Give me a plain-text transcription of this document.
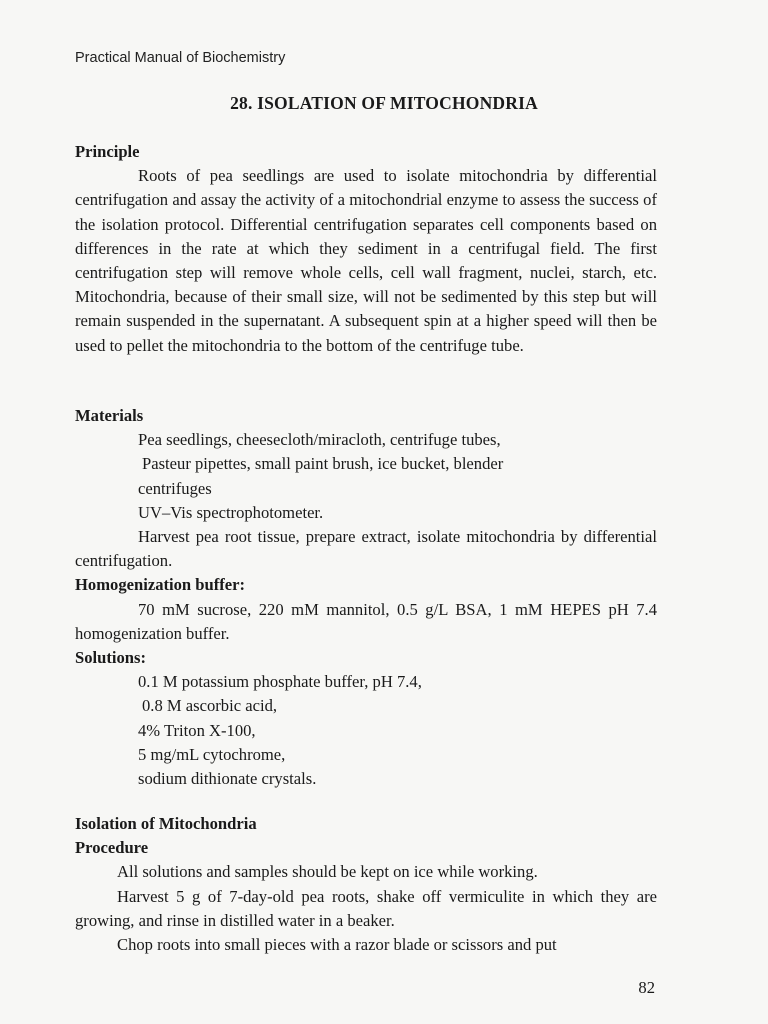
Practical Manual of Biochemistry
28. ISOLATION OF MITOCHONDRIA
Principle
Roots of pea seedlings are used to isolate mitochondria by differential centrifugation and assay the activity of a mitochondrial enzyme to assess the success of the isolation protocol. Differential centrifugation separates cell components based on differences in the rate at which they sediment in a centrifugal field. The first centrifugation step will remove whole cells, cell wall fragment, nuclei, starch, etc. Mitochondria, because of their small size, will not be sedimented by this step but will remain suspended in the supernatant. A subsequent spin at a higher speed will then be used to pellet the mitochondria to the bottom of the centrifuge tube.
Materials
Pea seedlings, cheesecloth/miracloth, centrifuge tubes,
Pasteur pipettes, small paint brush, ice bucket, blender
centrifuges
UV–Vis spectrophotometer.
Harvest pea root tissue, prepare extract, isolate mitochondria by differential centrifugation.
Homogenization buffer:
70 mM sucrose, 220 mM mannitol, 0.5 g/L BSA, 1 mM HEPES pH 7.4 homogenization buffer.
Solutions:
0.1 M potassium phosphate buffer, pH 7.4,
0.8 M ascorbic acid,
4% Triton X-100,
5 mg/mL cytochrome,
sodium dithionate crystals.
Isolation of Mitochondria
Procedure
All solutions and samples should be kept on ice while working.
Harvest 5 g of 7-day-old pea roots, shake off vermiculite in which they are growing, and rinse in distilled water in a beaker.
Chop roots into small pieces with a razor blade or scissors and put
82
